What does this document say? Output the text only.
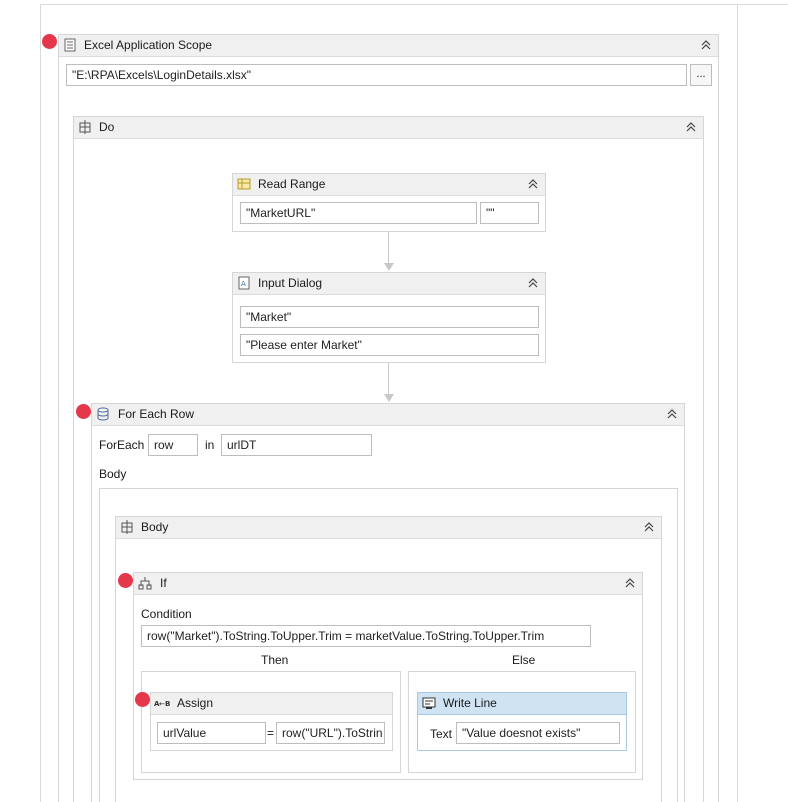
Excel Application Scope
"E:\RPA\Excels\LoginDetails.xlsx"	...
Do
Read Range
"MarketURL"	""
A Input Dialog
"Market"
"Please enter Market"
For Each Row
ForEach row	in	urlDT
Body
Body
If
Condition
row("Market").ToString.ToUpper.Trim = marketValue.ToString.ToUpper.Trim
Then	Else
A ← B Assign
urlValue	= row("URL").ToStrin
Write Line
Text "Value doesnot exists"
